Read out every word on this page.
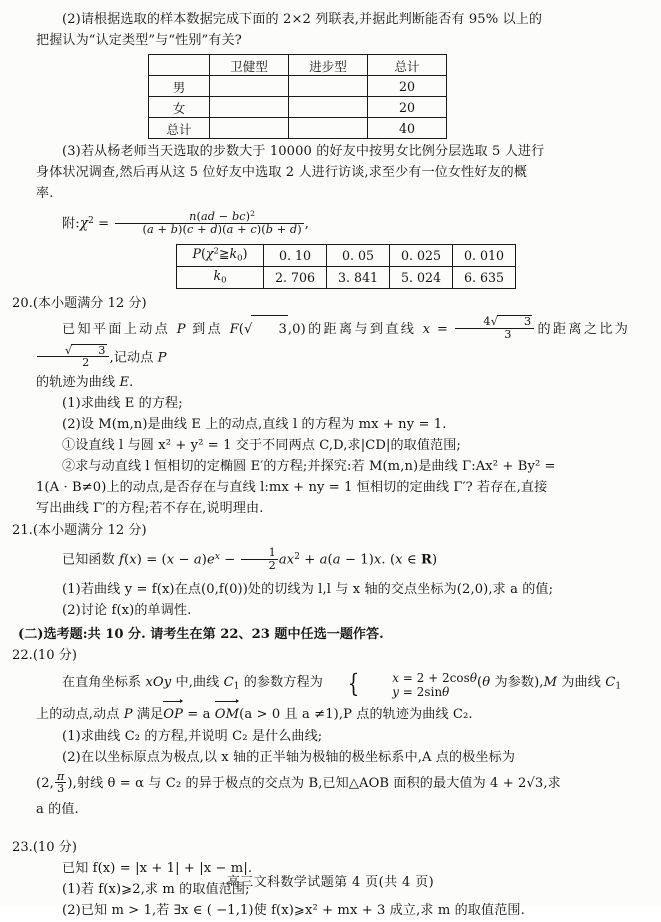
(2)请根据选取的样本数据完成下面的 2×2 列联表,并据此判断能否有 95% 以上的

把握认为“认定类型”与“性别”有关?

	卫健型	进步型	总计
男			20
女			20
总计			40

(3)若从杨老师当天选取的步数大于 10000 的好友中按男女比例分层选取 5 人进行

身体状况调查,然后再从这 5 位好友中选取 2 人进行访谈,求至少有一位女性好友的概

率.

附$:\chi^2 = \frac{n(ad - bc)^2}{(a + b)(c + d)(a + c)(b + d)}$ ,

$P(\chi^2≧k0)$	0. 10	0. 05	0. 025	0. 010
k0	2. 706	3. 841	5. 024	6. 635

20.(本小题满分 12 分)

已知平面上动点 P 到点 F(√ 3,0)的距离与到直线 $x = \frac{4√ 3}{3}$ 的距离之比为
$\frac{√ 3}{2}$ ,记动点 P

的轨迹为曲线 E.

(1)求曲线 E 的方程;

(2)设 M(m,n)是曲线 E 上的动点,直线 l 的方程为 mx + ny = 1.

①设直线 l 与圆 x² + y² = 1 交于不同两点 C,D,求|CD|的取值范围;

②求与动直线 l 恒相切的定椭圆 E′的方程;并探究:若 M(m,n)是曲线 Γ:Ax² + By² =

1(A · B≠0)上的动点,是否存在与直线 l:mx + ny = 1 恒相切的定曲线 Γ′? 若存在,直接

写出曲线 Γ′的方程;若不存在,说明理由.

21.(本小题满分 12 分)

已知函数 $f(x) = (x - a)e^x - \frac{1}{2} ax^2 + a(a - 1)x$. (x ∈ R)

(1)若曲线 y = f(x)在点(0,f(0))处的切线为 l,l 与 x 轴的交点坐标为(2,0),求 a 的值;

(2)讨论 f(x)的单调性.

(二)选考题:共 10 分. 请考生在第 22、23 题中任选一题作答.

22.(10 分)

在直角坐标系 xOy 中,曲线 C1 的参数方程为 {	x = 2 + 2cosθ
y = 2sinθ
(θ 为参数),M 为曲线 C1

上的动点,动点 P 满足OP = a OM(a > 0 且 a ≠1),P 点的轨迹为曲线 C₂.

(1)求曲线 C₂ 的方程,并说明 C₂ 是什么曲线;

(2)在以坐标原点为极点,以 x 轴的正半轴为极轴的极坐标系中,A 点的极坐标为

(2, $\frac{\pi}{3}$ ),射线 θ = α 与 C₂ 的异于极点的交点为 B,已知△AOB 面积的最大值为 4 + 2√3,求

a 的值.

23.(10 分)

已知 f(x) = |x + 1| + |x − m|.

(1)若 f(x)⩾2,求 m 的取值范围;

(2)已知 m > 1,若 ∃x ∈ ( −1,1)使 f(x)⩾x² + mx + 3 成立,求 m 的取值范围.

高三文科数学试题第 4 页(共 4 页)
